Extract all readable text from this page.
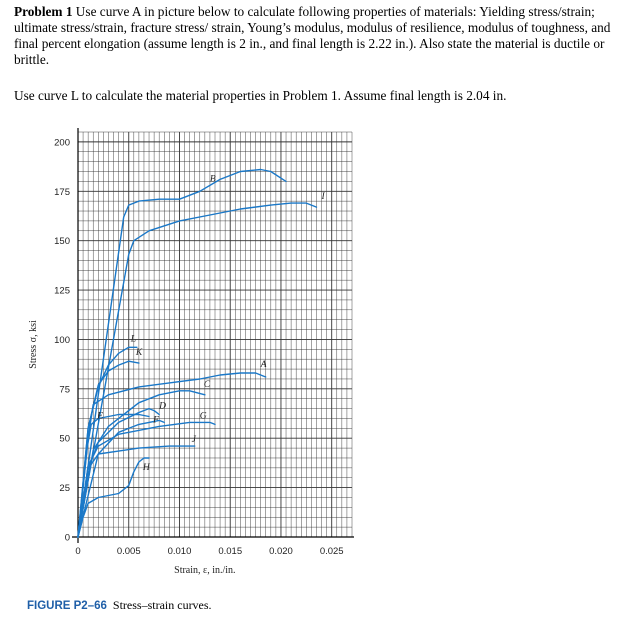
Problem 1 Use curve A in picture below to calculate following properties of materials: Yielding stress/strain; ultimate stress/strain, fracture stress/ strain, Young’s modulus, modulus of resilience, modulus of toughness, and final percent elongation (assume length is 2 in., and final length is 2.22 in.). Also state the material is ductile or brittle.
Use curve L to calculate the material properties in Problem 1. Assume final length is 2.04 in.
0
25
50
75
100
125
150
175
200
0	0.005	0.010	0.015	0.020	0.025
Strain, ε, in./in.
Stress σ, ksi
B
I
L
K
A
C
E
D
F	G
J
H
FIGURE P2–66 Stress–strain curves.
